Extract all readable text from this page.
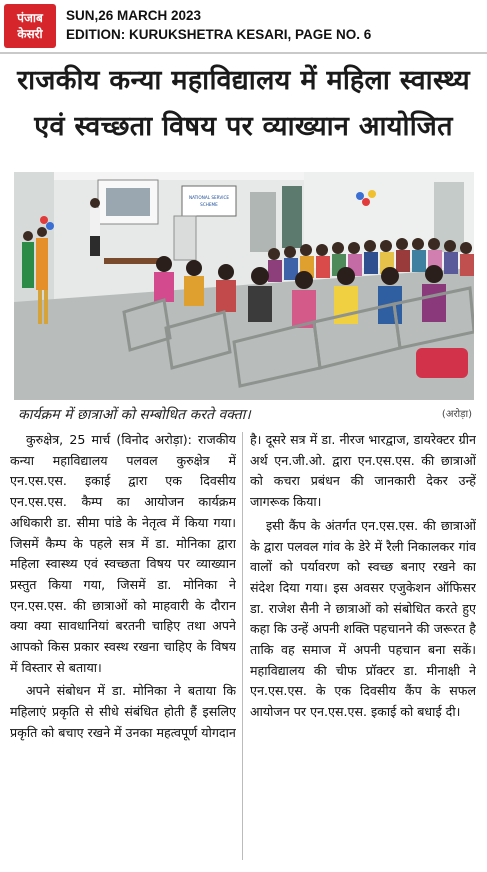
पंजाब
केसरी
SUN,26 MARCH 2023
EDITION: KURUKSHETRA KESARI, PAGE NO. 6
राजकीय कन्या महाविद्यालय में महिला स्वास्थ्य
एवं स्वच्छता विषय पर व्याख्यान आयोजित
NATIONAL SERVICE
SCHEME
कार्यक्रम में छात्राओं को सम्बोधित करते वक्ता।	(अरोड़ा)

कुरुक्षेत्र, 25 मार्च (विनोद अरोड़ा): राजकीय कन्या महाविद्यालय पलवल कुरुक्षेत्र में एन.एस.एस. इकाई द्वारा एक दिवसीय एन.एस.एस. कैम्प का आयोजन कार्यक्रम अधिकारी डा. सीमा पांडे के नेतृत्व में किया गया। जिसमें कैम्प के पहले सत्र में डा. मोनिका द्वारा महिला स्वास्थ्य एवं स्वच्छता विषय पर व्याख्यान प्रस्तुत किया गया, जिसमें डा. मोनिका ने एन.एस.एस. की छात्राओं को माहवारी के दौरान क्या क्या सावधानियां बरतनी चाहिए तथा अपने आपको किस प्रकार स्वस्थ रखना चाहिए के विषय में विस्तार से बताया।

अपने संबोधन में डा. मोनिका ने बताया कि महिलाएं प्रकृति से सीधे संबंधित होती हैं इसलिए प्रकृति को बचाए रखने में उनका महत्वपूर्ण योगदान

है। दूसरे सत्र में डा. नीरज भारद्वाज, डायरेक्टर ग्रीन अर्थ एन.जी.ओ. द्वारा एन.एस.एस. की छात्राओं को कचरा प्रबंधन की जानकारी देकर उन्हें जागरूक किया।

इसी कैंप के अंतर्गत एन.एस.एस. की छात्राओं के द्वारा पलवल गांव के डेरे में रैली निकालकर गांव वालों को पर्यावरण को स्वच्छ बनाए रखने का संदेश दिया गया। इस अवसर एजुकेशन ऑफिसर डा. राजेश सैनी ने छात्राओं को संबोधित करते हुए कहा कि उन्हें अपनी शक्ति पहचानने की जरूरत है ताकि वह समाज में अपनी पहचान बना सकें। महाविद्यालय की चीफ प्रॉक्टर डा. मीनाक्षी ने एन.एस.एस. के एक दिवसीय कैंप के सफल आयोजन पर एन.एस.एस. इकाई को बधाई दी।
